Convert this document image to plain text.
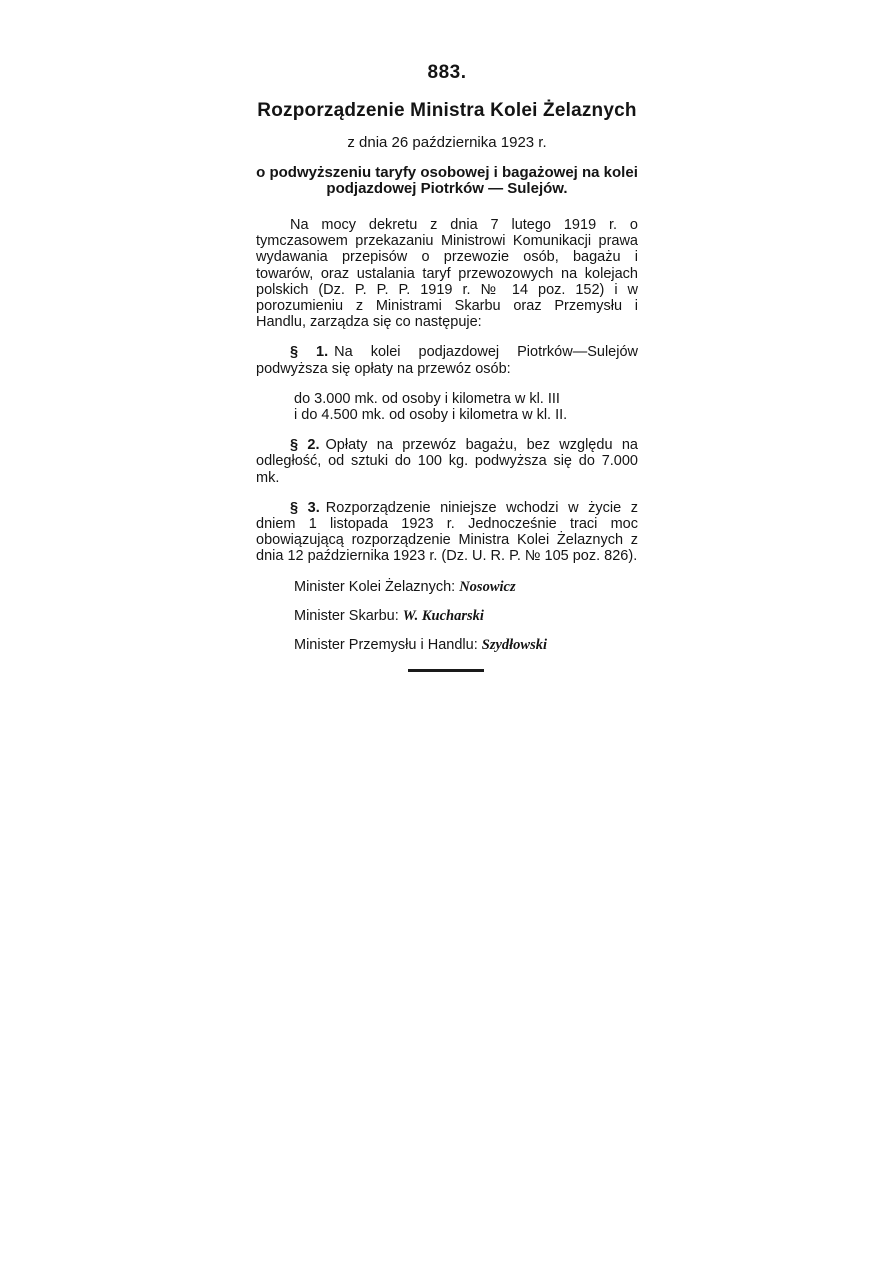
883.
Rozporządzenie Ministra Kolei Żelaznych
z dnia 26 października 1923 r.
o podwyższeniu taryfy osobowej i bagażowej na kolei podjazdowej Piotrków — Sulejów.

Na mocy dekretu z dnia 7 lutego 1919 r. o tymczasowem przekazaniu Ministrowi Komunikacji prawa wydawania przepisów o przewozie osób, bagażu i towarów, oraz ustalania taryf przewozowych na kolejach polskich (Dz. P. P. P. 1919 r. № 14 poz. 152) i w porozumieniu z Ministrami Skarbu oraz Przemysłu i Handlu, zarządza się co następuje:

§ 1. Na kolei podjazdowej Piotrków—Sulejów podwyższa się opłaty na przewóz osób:

do 3.000 mk. od osoby i kilometra w kl. III
i do 4.500 mk. od osoby i kilometra w kl. II.

§ 2. Opłaty na przewóz bagażu, bez względu na odległość, od sztuki do 100 kg. podwyższa się do 7.000 mk.

§ 3. Rozporządzenie niniejsze wchodzi w życie z dniem 1 listopada 1923 r. Jednocześnie traci moc obowiązującą rozporządzenie Ministra Kolei Żelaznych z dnia 12 października 1923 r. (Dz. U. R. P. № 105 poz. 826).

Minister Kolei Żelaznych: Nosowicz
Minister Skarbu: W. Kucharski
Minister Przemysłu i Handlu: Szydłowski
